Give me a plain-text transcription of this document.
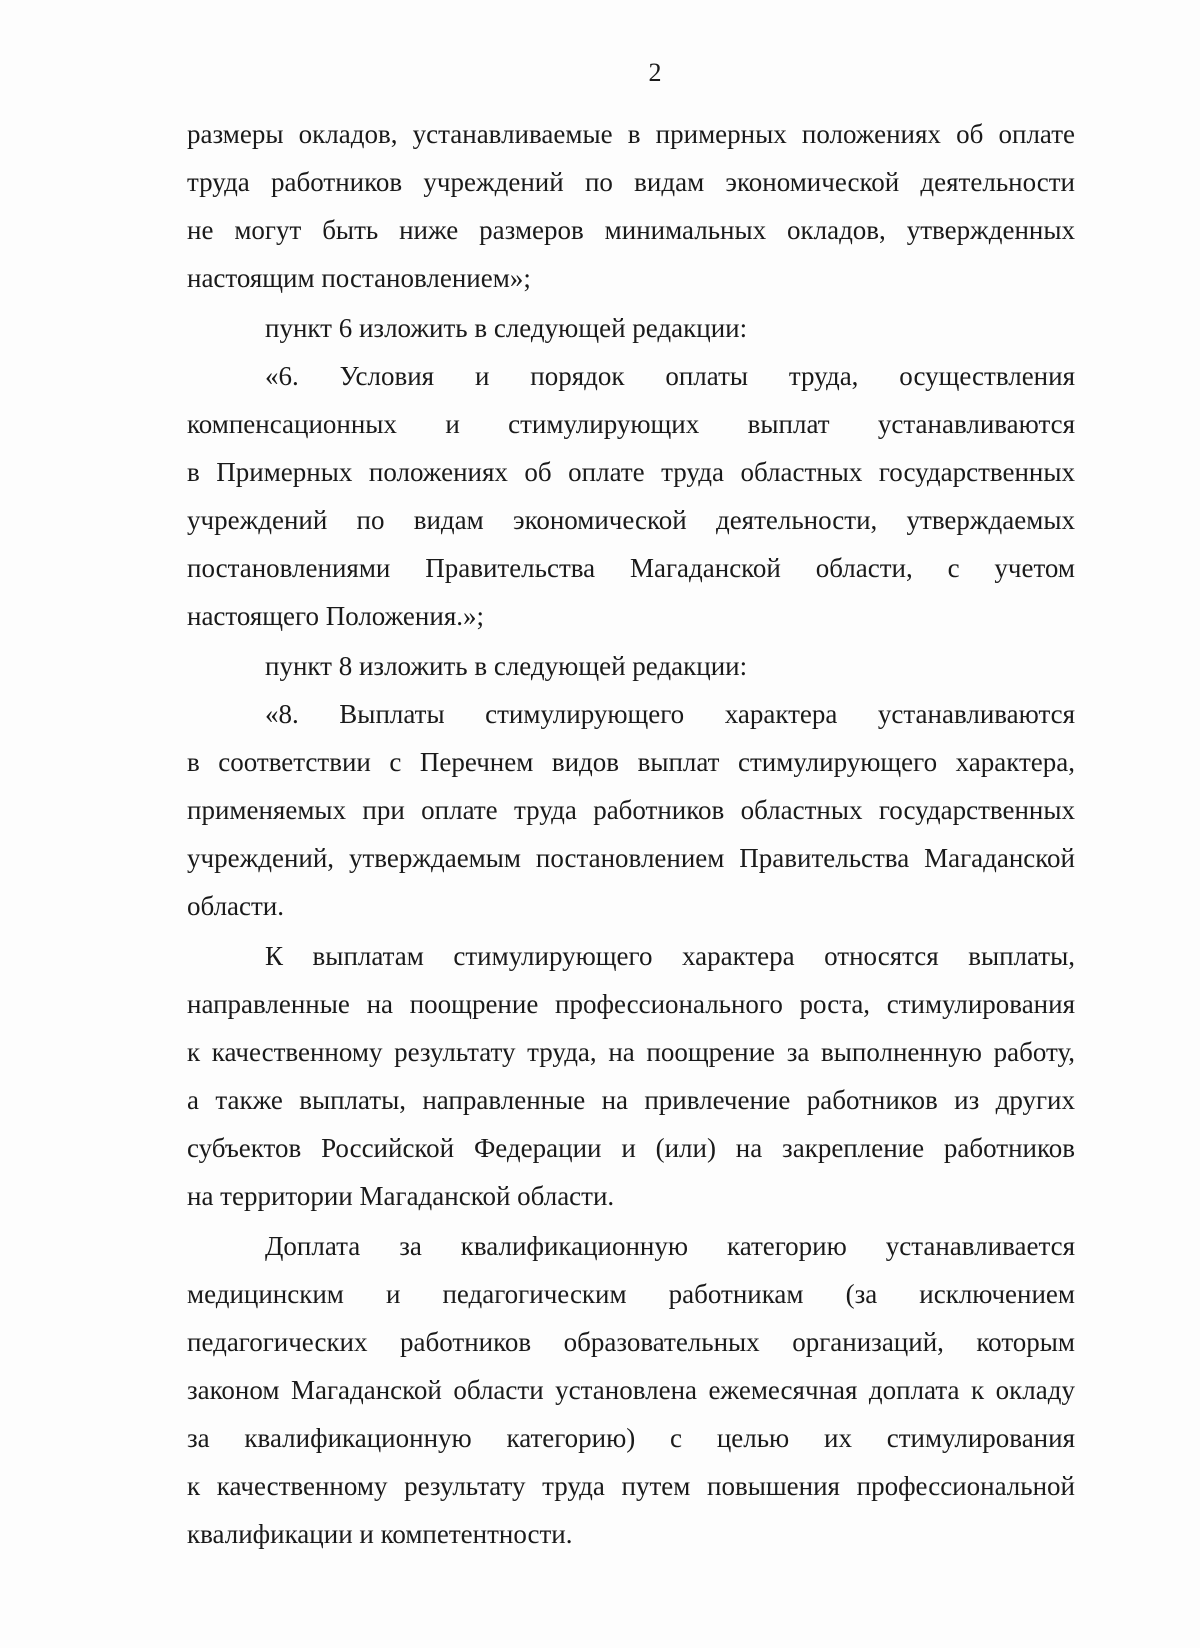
2
размеры окладов, устанавливаемые в примерных положениях об оплате
труда работников учреждений по видам экономической деятельности
не могут быть ниже размеров минимальных окладов, утвержденных
настоящим постановлением»;
пункт 6 изложить в следующей редакции:
«6. Условия и порядок оплаты труда, осуществления
компенсационных и стимулирующих выплат устанавливаются
в Примерных положениях об оплате труда областных государственных
учреждений по видам экономической деятельности, утверждаемых
постановлениями Правительства Магаданской области, с учетом
настоящего Положения.»;
пункт 8 изложить в следующей редакции:
«8. Выплаты стимулирующего характера устанавливаются
в соответствии с Перечнем видов выплат стимулирующего характера,
применяемых при оплате труда работников областных государственных
учреждений, утверждаемым постановлением Правительства Магаданской
области.
К выплатам стимулирующего характера относятся выплаты,
направленные на поощрение профессионального роста, стимулирования
к качественному результату труда, на поощрение за выполненную работу,
а также выплаты, направленные на привлечение работников из других
субъектов Российской Федерации и (или) на закрепление работников
на территории Магаданской области.
Доплата за квалификационную категорию устанавливается
медицинским и педагогическим работникам (за исключением
педагогических работников образовательных организаций, которым
законом Магаданской области установлена ежемесячная доплата к окладу
за квалификационную категорию) с целью их стимулирования
к качественному результату труда путем повышения профессиональной
квалификации и компетентности.
